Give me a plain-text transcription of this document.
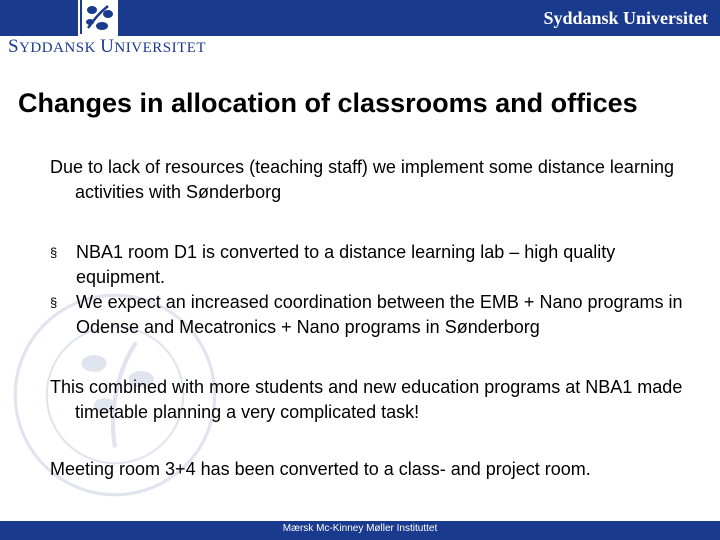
Syddansk Universitet
SYDDANSK UNIVERSITET
Changes in allocation of classrooms and offices

Due to lack of resources (teaching staff) we implement some distance learning activities with Sønderborg

§ NBA1 room D1 is converted to a distance learning lab – high quality equipment.
§ We expect an increased coordination between the EMB + Nano programs in Odense and Mecatronics + Nano programs in Sønderborg

This combined with more students and new education programs at NBA1 made timetable planning a very complicated task!

Meeting room 3+4 has been converted to a class- and project room.

Mærsk Mc-Kinney Møller Instituttet
